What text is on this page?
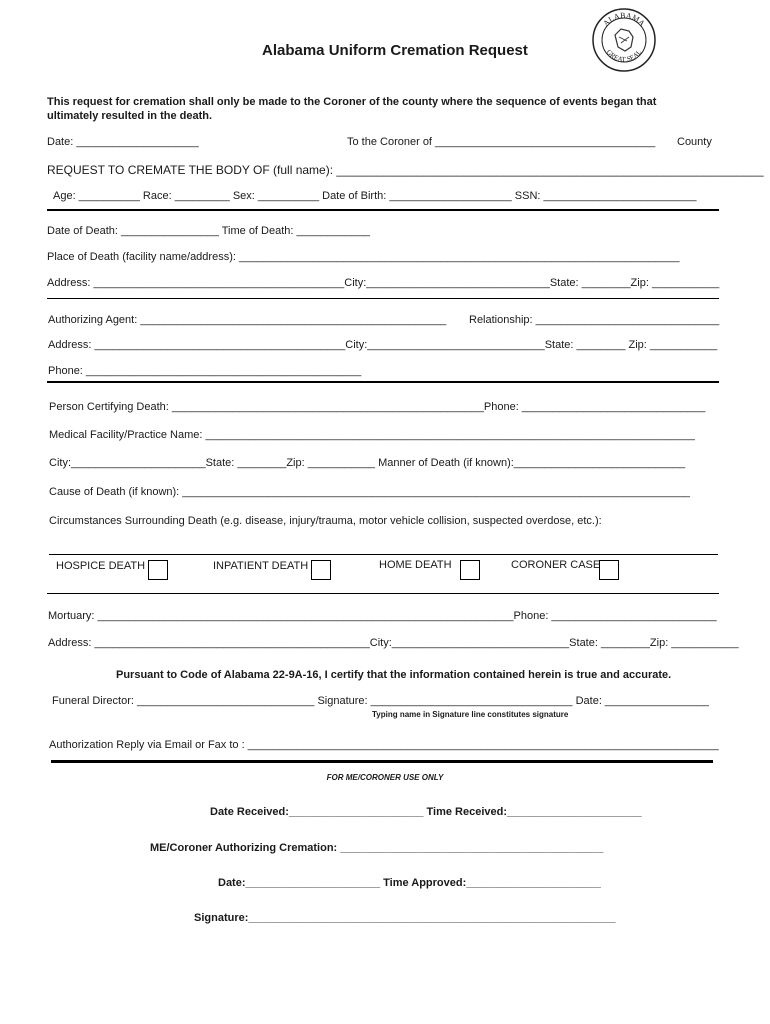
ALABAMA
GREAT SEAL
Alabama Uniform Cremation Request
This request for cremation shall only be made to the Coroner of the county where the sequence of events began that
ultimately resulted in the death.
Date: ____________________	To the Coroner of ____________________________________ County
REQUEST TO CREMATE THE BODY OF (full name): ________________________________________________________________
Age: __________ Race: _________ Sex: __________ Date of Birth: ____________________ SSN: _________________________
Date of Death: ________________ Time of Death: ____________
Place of Death (facility name/address): ________________________________________________________________________
Address: _________________________________________City:______________________________State: ________Zip: ___________
Authorizing Agent: __________________________________________________ Relationship: ______________________________
Address: _________________________________________City:_____________________________State: ________ Zip: ___________
Phone: _____________________________________________
Person Certifying Death: ___________________________________________________Phone: ______________________________
Medical Facility/Practice Name: ________________________________________________________________________________
City:______________________State: ________Zip: ___________ Manner of Death (if known):____________________________
Cause of Death (if known): ___________________________________________________________________________________
Circumstances Surrounding Death (e.g. disease, injury/trauma, motor vehicle collision, suspected overdose, etc.):
HOSPICE DEATH	INPATIENT DEATH	HOME DEATH	CORONER CASE
Mortuary: ____________________________________________________________________Phone: ___________________________
Address: _____________________________________________City:_____________________________State: ________Zip: ___________
Pursuant to Code of Alabama 22-9A-16, I certify that the information contained herein is true and accurate.
Funeral Director: _____________________________ Signature: _________________________________ Date: _________________
Typing name in Signature line constitutes signature
Authorization Reply via Email or Fax to : _____________________________________________________________________________
FOR ME/CORONER USE ONLY
Date Received:______________________ Time Received:______________________
ME/Coroner Authorizing Cremation: ___________________________________________
Date:______________________ Time Approved:______________________
Signature:____________________________________________________________
